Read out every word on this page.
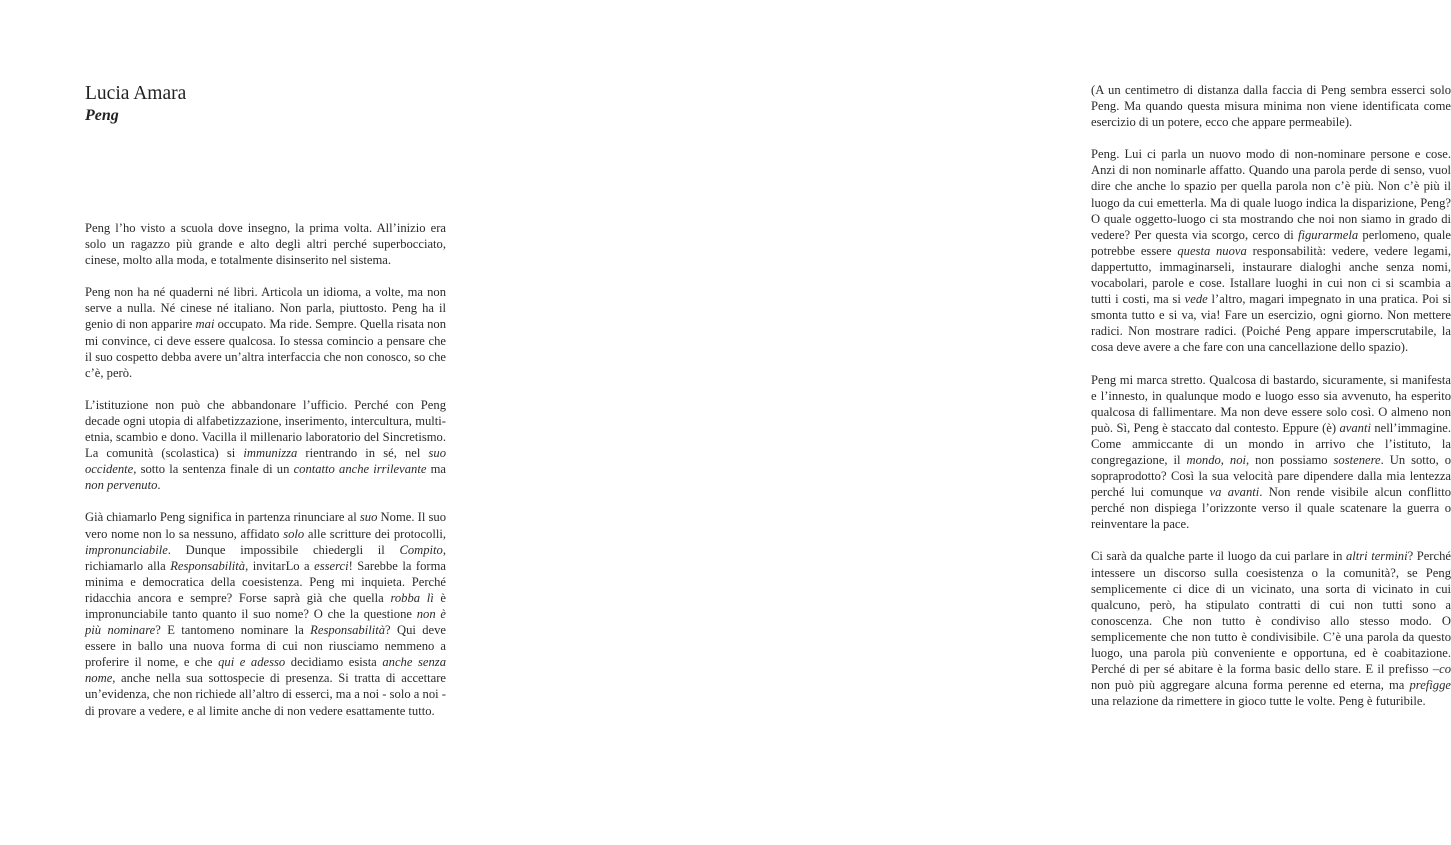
Lucia Amara
Peng

Peng l’ho visto a scuola dove insegno, la prima volta. All’inizio era solo un ragazzo più grande e alto degli altri perché superbocciato, cinese, molto alla moda, e totalmente disinserito nel sistema.

Peng non ha né quaderni né libri. Articola un idioma, a volte, ma non serve a nulla. Né cinese né italiano. Non parla, piuttosto. Peng ha il genio di non apparire mai occupato. Ma ride. Sempre. Quella risata non mi convince, ci deve essere qualcosa. Io stessa comincio a pensare che il suo cospetto debba avere un’altra interfaccia che non conosco, so che c’è, però.

L’istituzione non può che abbandonare l’ufficio. Perché con Peng decade ogni utopia di alfabetizzazione, inserimento, intercultura, multi-etnia, scambio e dono. Vacilla il millenario laboratorio del Sincretismo. La comunità (scolastica) si immunizza rientrando in sé, nel suo occidente, sotto la sentenza finale di un contatto anche irrilevante ma non pervenuto.

Già chiamarlo Peng significa in partenza rinunciare al suo Nome. Il suo vero nome non lo sa nessuno, affidato solo alle scritture dei protocolli, impronunciabile. Dunque impossibile chiedergli il Compito, richiamarlo alla Responsabilità, invitarLo a esserci! Sarebbe la forma minima e democratica della coesistenza. Peng mi inquieta. Perché ridacchia ancora e sempre? Forse saprà già che quella robba lì è impronunciabile tanto quanto il suo nome? O che la questione non è più nominare? E tantomeno nominare la Responsabilità? Qui deve essere in ballo una nuova forma di cui non riusciamo nemmeno a proferire il nome, e che qui e adesso decidiamo esista anche senza nome, anche nella sua sottospecie di presenza. Si tratta di accettare un’evidenza, che non richiede all’altro di esserci, ma a noi - solo a noi - di provare a vedere, e al limite anche di non vedere esattamente tutto.

(A un centimetro di distanza dalla faccia di Peng sembra esserci solo Peng. Ma quando questa misura minima non viene identificata come esercizio di un potere, ecco che appare permeabile).

Peng. Lui ci parla un nuovo modo di non-nominare persone e cose. Anzi di non nominarle affatto. Quando una parola perde di senso, vuol dire che anche lo spazio per quella parola non c’è più. Non c’è più il luogo da cui emetterla. Ma di quale luogo indica la disparizione, Peng? O quale oggetto-luogo ci sta mostrando che noi non siamo in grado di vedere? Per questa via scorgo, cerco di figurarmela perlomeno, quale potrebbe essere questa nuova responsabilità: vedere, vedere legami, dappertutto, immaginarseli, instaurare dialoghi anche senza nomi, vocabolari, parole e cose. Istallare luoghi in cui non ci si scambia a tutti i costi, ma si vede l’altro, magari impegnato in una pratica. Poi si smonta tutto e si va, via! Fare un esercizio, ogni giorno. Non mettere radici. Non mostrare radici. (Poiché Peng appare imperscrutabile, la cosa deve avere a che fare con una cancellazione dello spazio).

Peng mi marca stretto. Qualcosa di bastardo, sicuramente, si manifesta e l’innesto, in qualunque modo e luogo esso sia avvenuto, ha esperito qualcosa di fallimentare. Ma non deve essere solo così. O almeno non può. Sì, Peng è staccato dal contesto. Eppure (è) avanti nell’immagine. Come ammiccante di un mondo in arrivo che l’istituto, la congregazione, il mondo, noi, non possiamo sostenere. Un sotto, o sopraprodotto? Così la sua velocità pare dipendere dalla mia lentezza perché lui comunque va avanti. Non rende visibile alcun conflitto perché non dispiega l’orizzonte verso il quale scatenare la guerra o reinventare la pace.

Ci sarà da qualche parte il luogo da cui parlare in altri termini? Perché intessere un discorso sulla coesistenza o la comunità?, se Peng semplicemente ci dice di un vicinato, una sorta di vicinato in cui qualcuno, però, ha stipulato contratti di cui non tutti sono a conoscenza. Che non tutto è condiviso allo stesso modo. O semplicemente che non tutto è condivisibile. C’è una parola da questo luogo, una parola più conveniente e opportuna, ed è coabitazione. Perché di per sé abitare è la forma basic dello stare. E il prefisso –co non può più aggregare alcuna forma perenne ed eterna, ma prefigge una relazione da rimettere in gioco tutte le volte. Peng è futuribile.
